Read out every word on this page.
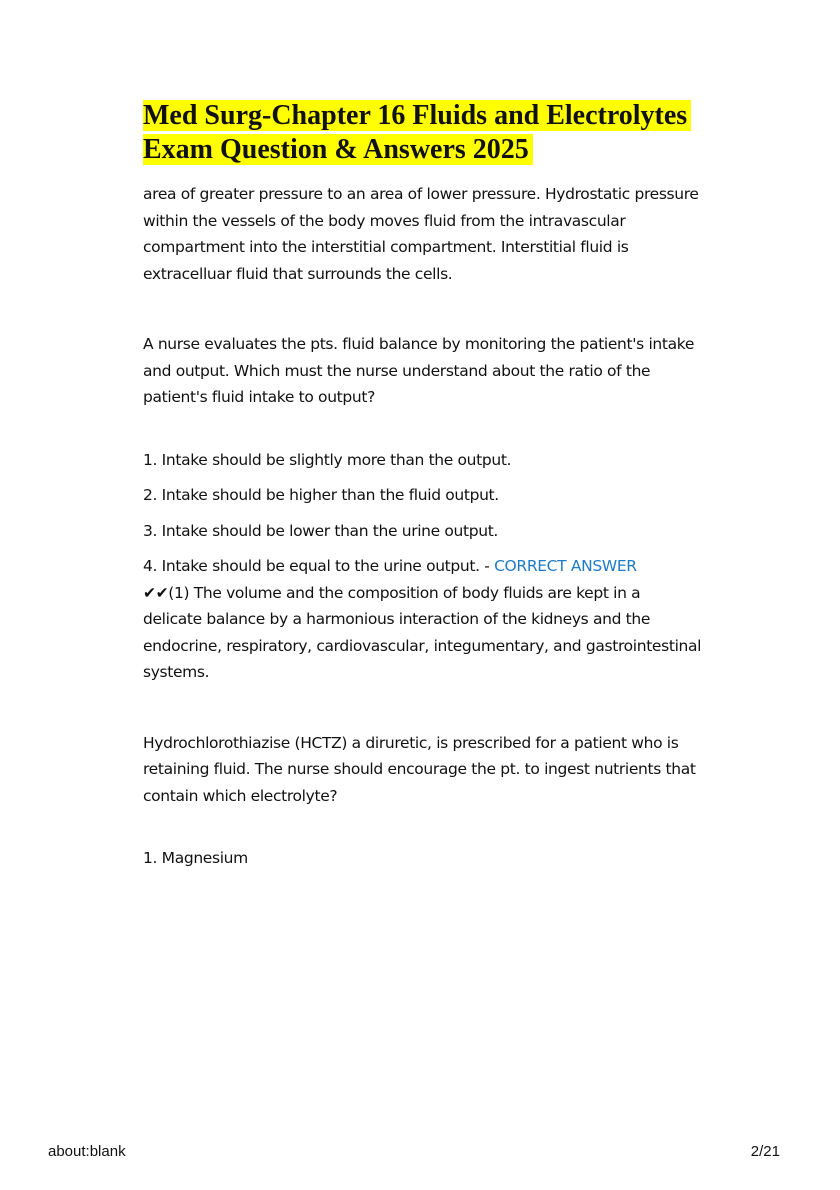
Med Surg-Chapter 16 Fluids and Electrolytes
Exam Question & Answers 2025

area of greater pressure to an area of lower pressure. Hydrostatic pressure within the vessels of the body moves fluid from the intravascular compartment into the interstitial compartment. Interstitial fluid is extracelluar fluid that surrounds the cells.

A nurse evaluates the pts. fluid balance by monitoring the patient's intake and output. Which must the nurse understand about the ratio of the patient's fluid intake to output?

1. Intake should be slightly more than the output.

2. Intake should be higher than the fluid output.

3. Intake should be lower than the urine output.

4. Intake should be equal to the urine output. - CORRECT ANSWER

✔✔(1) The volume and the composition of body fluids are kept in a delicate balance by a harmonious interaction of the kidneys and the endocrine, respiratory, cardiovascular, integumentary, and gastrointestinal systems.

Hydrochlorothiazise (HCTZ) a diruretic, is prescribed for a patient who is retaining fluid. The nurse should encourage the pt. to ingest nutrients that contain which electrolyte?

1. Magnesium

about:blank	2/21
